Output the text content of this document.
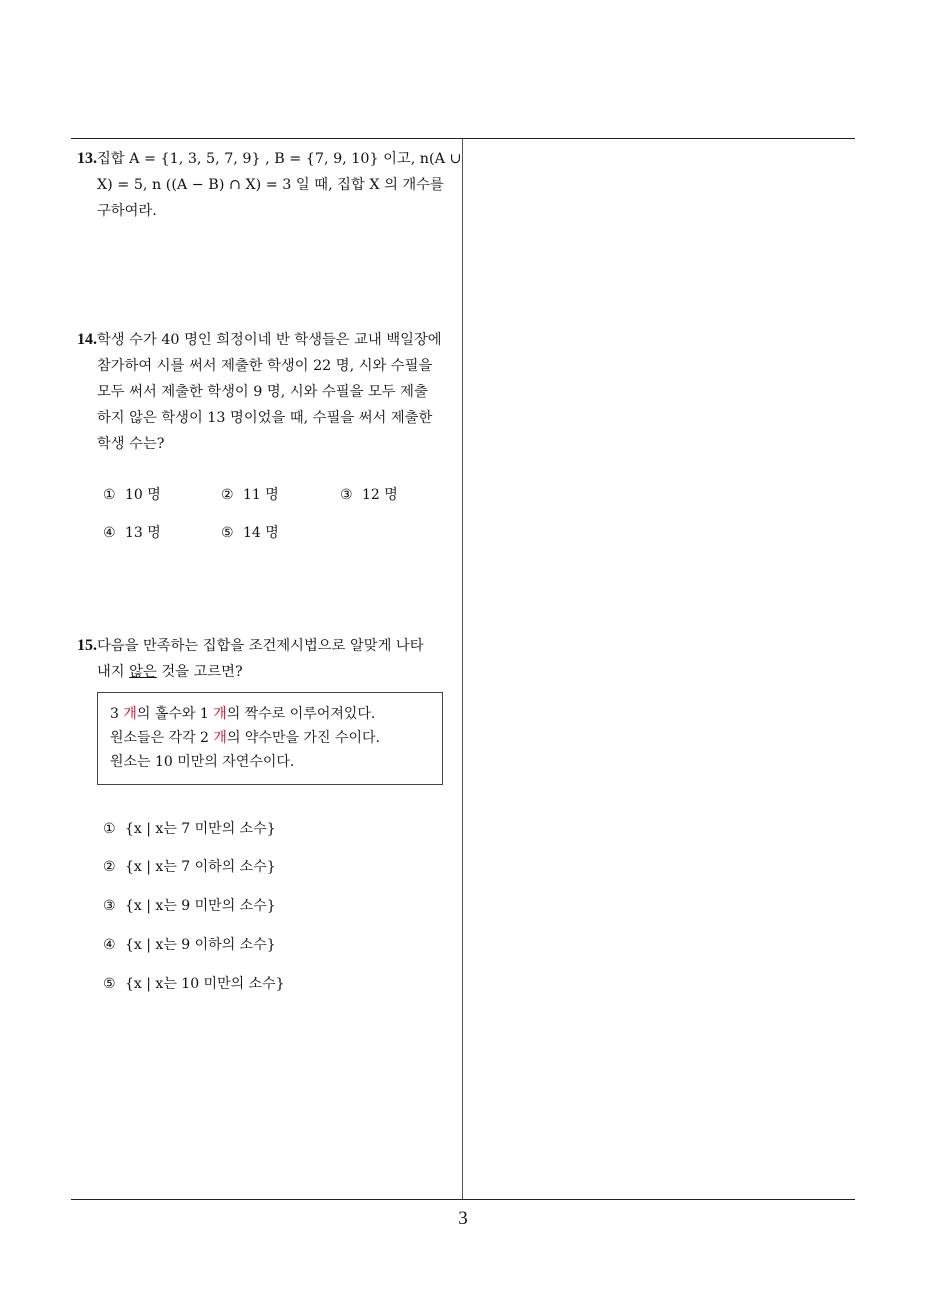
3
13.집합 A = {1, 3, 5, 7, 9} , B = {7, 9, 10} 이고, n(A ∪
X) = 5, n ((A − B) ∩ X) = 3 일 때, 집합 X 의 개수를
구하여라.
14.학생 수가 40 명인 희정이네 반 학생들은 교내 백일장에
참가하여 시를 써서 제출한 학생이 22 명, 시와 수필을
모두 써서 제출한 학생이 9 명, 시와 수필을 모두 제출
하지 않은 학생이 13 명이었을 때, 수필을 써서 제출한
학생 수는?
① 10 명	② 11 명	③ 12 명
④ 13 명	⑤ 14 명
15.다음을 만족하는 집합을 조건제시법으로 알맞게 나타
내지 않은 것을 고르면?
3 개의 홀수와 1 개의 짝수로 이루어져있다.
원소들은 각각 2 개의 약수만을 가진 수이다.
원소는 10 미만의 자연수이다.
① {x | x는 7 미만의 소수}
② {x | x는 7 이하의 소수}
③ {x | x는 9 미만의 소수}
④ {x | x는 9 이하의 소수}
⑤ {x | x는 10 미만의 소수}
